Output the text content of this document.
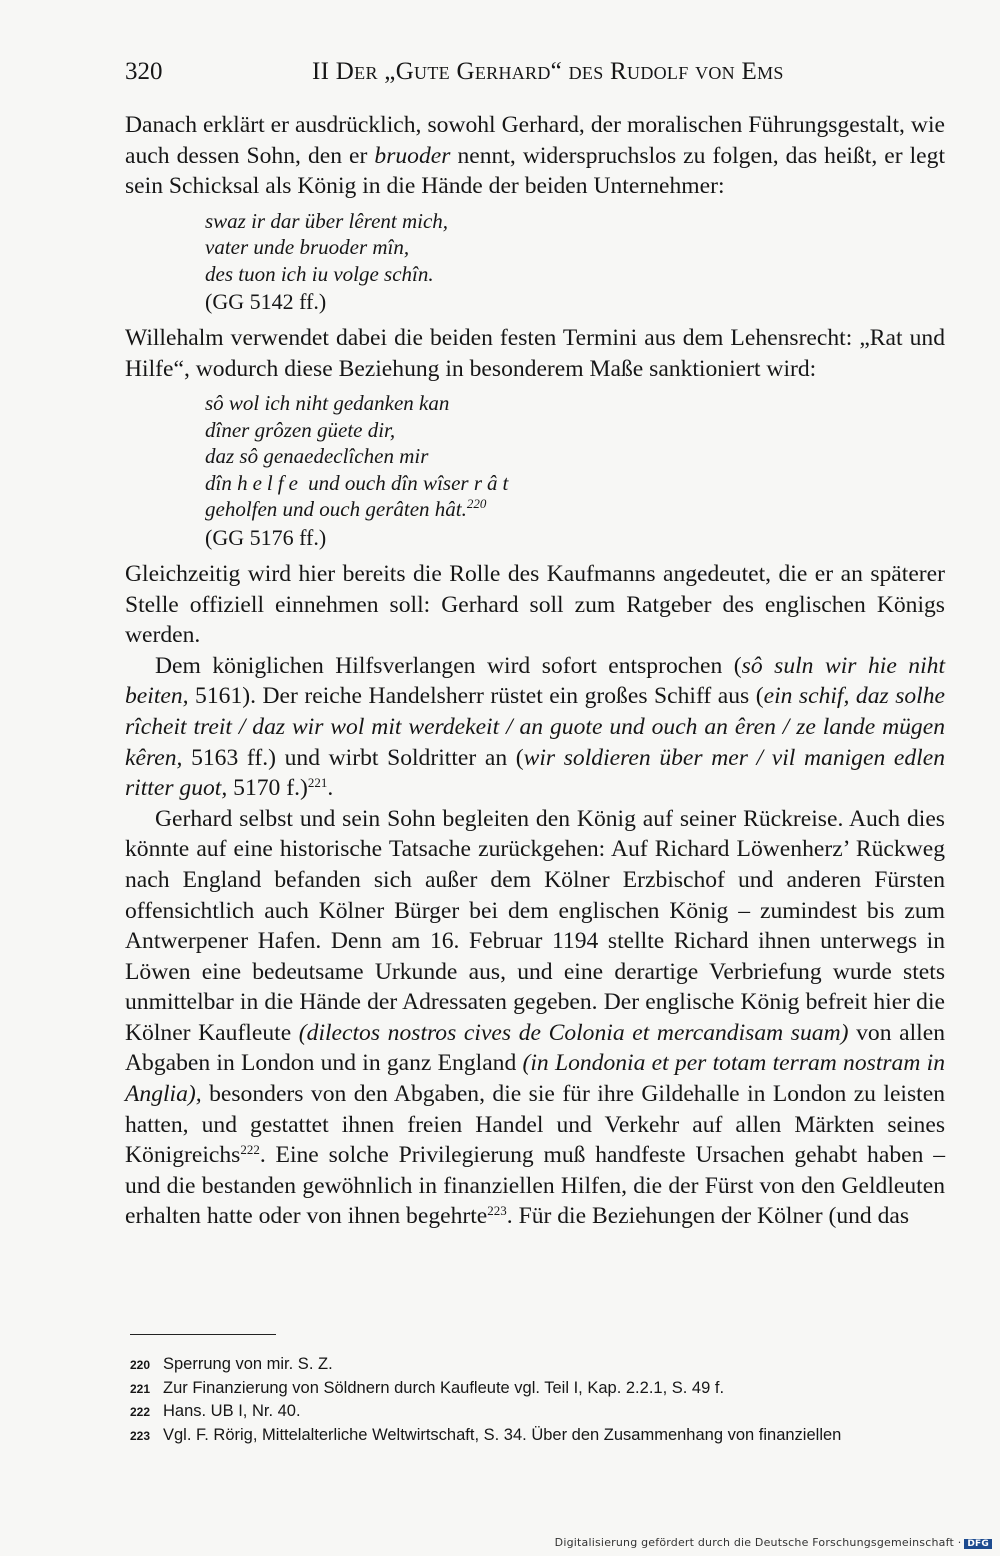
320	II Der „Gute Gerhard“ des Rudolf von Ems

Danach erklärt er ausdrücklich, sowohl Gerhard, der moralischen Führungsgestalt, wie auch dessen Sohn, den er bruoder nennt, widerspruchslos zu folgen, das heißt, er legt sein Schicksal als König in die Hände der beiden Unternehmer:

swaz ir dar über lêrent mich,
vater unde bruoder mîn,
des tuon ich iu volge schîn.
(GG 5142 ff.)

Willehalm verwendet dabei die beiden festen Termini aus dem Lehensrecht: „Rat und Hilfe“, wodurch diese Beziehung in besonderem Maße sanktioniert wird:

sô wol ich niht gedanken kan
dîner grôzen güete dir,
daz sô genaedeclîchen mir
dîn helfe und ouch dîn wîser rât
geholfen und ouch gerâten hât.$^{220}$
(GG 5176 ff.)

Gleichzeitig wird hier bereits die Rolle des Kaufmanns angedeutet, die er an späterer Stelle offiziell einnehmen soll: Gerhard soll zum Ratgeber des englischen Königs werden.

Dem königlichen Hilfsverlangen wird sofort entsprochen (sô suln wir hie niht beiten, 5161). Der reiche Handelsherr rüstet ein großes Schiff aus (ein schif, daz solhe rîcheit treit / daz wir wol mit werdekeit / an guote und ouch an êren / ze lande mügen kêren, 5163 ff.) und wirbt Soldritter an (wir soldieren über mer / vil manigen edlen ritter guot, 5170 f.)$^{221}$.

Gerhard selbst und sein Sohn begleiten den König auf seiner Rückreise. Auch dies könnte auf eine historische Tatsache zurückgehen: Auf Richard Löwenherz’ Rückweg nach England befanden sich außer dem Kölner Erzbischof und anderen Fürsten offensichtlich auch Kölner Bürger bei dem englischen König – zumindest bis zum Antwerpener Hafen. Denn am 16. Februar 1194 stellte Richard ihnen unterwegs in Löwen eine bedeutsame Urkunde aus, und eine derartige Verbriefung wurde stets unmittelbar in die Hände der Adressaten gegeben. Der englische König befreit hier die Kölner Kaufleute (dilectos nostros cives de Colonia et mercandisam suam) von allen Abgaben in London und in ganz England (in Londonia et per totam terram nostram in Anglia), besonders von den Abgaben, die sie für ihre Gildehalle in London zu leisten hatten, und gestattet ihnen freien Handel und Verkehr auf allen Märkten seines Königreichs$^{222}$. Eine solche Privilegierung muß handfeste Ursachen gehabt haben – und die bestanden gewöhnlich in finanziellen Hilfen, die der Fürst von den Geldleuten erhalten hatte oder von ihnen begehrte$^{223}$. Für die Beziehungen der Kölner (und das

220 Sperrung von mir. S. Z.
221 Zur Finanzierung von Söldnern durch Kaufleute vgl. Teil I, Kap. 2.2.1, S. 49 f.
222 Hans. UB I, Nr. 40.
223 Vgl. F. Rörig, Mittelalterliche Weltwirtschaft, S. 34. Über den Zusammenhang von finanziellen
Digitalisierung gefördert durch die Deutsche Forschungsgemeinschaft · DFG
